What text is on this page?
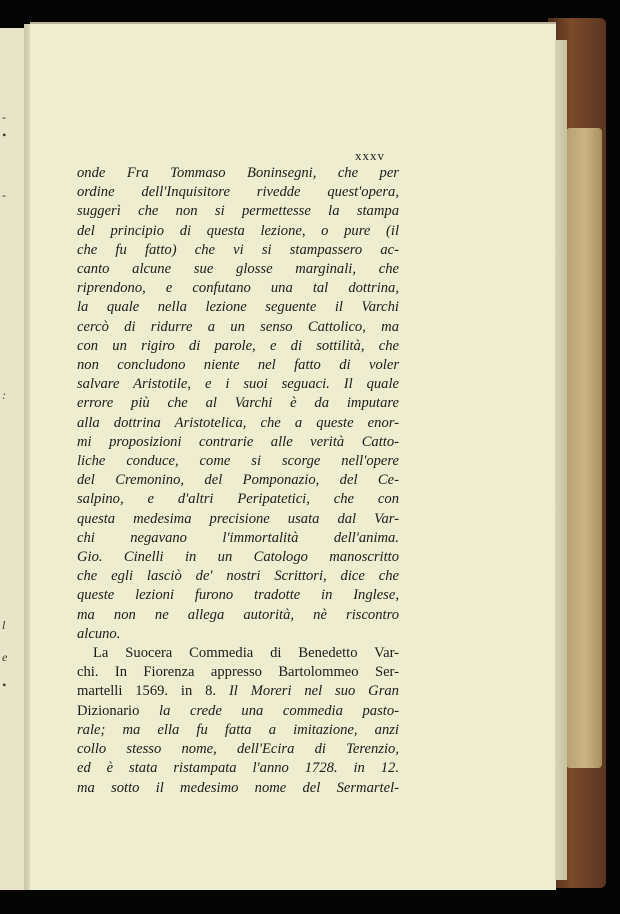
-
•
-
:
l
e
•
xxxv
onde Fra Tommaso Boninsegni, che per
ordine dell'Inquisitore rivedde quest'opera,
suggerì che non si permettesse la stampa
del principio di questa lezione, o pure (il
che fu fatto) che vi si stampassero ac-
canto alcune sue glosse marginali, che
riprendono, e confutano una tal dottrina,
la quale nella lezione seguente il Varchi
cercò di ridurre a un senso Cattolico, ma
con un rigiro di parole, e di sottilità, che
non concludono niente nel fatto di voler
salvare Aristotile, e i suoi seguaci. Il quale
errore più che al Varchi è da imputare
alla dottrina Aristotelica, che a queste enor-
mi proposizioni contrarie alle verità Catto-
liche conduce, come si scorge nell'opere
del Cremonino, del Pomponazio, del Ce-
salpino, e d'altri Peripatetici, che con
questa medesima precisione usata dal Var-
chi negavano l'immortalità dell'anima.
Gio. Cinelli in un Catologo manoscritto
che egli lasciò de' nostri Scrittori, dice che
queste lezioni furono tradotte in Inglese,
ma non ne allega autorità, nè riscontro
alcuno.
La Suocera Commedia di Benedetto Var-
chi. In Fiorenza appresso Bartolommeo Ser-
martelli 1569. in 8. Il Moreri nel suo Gran
Dizionario la crede una commedia pasto-
rale; ma ella fu fatta a imitazione, anzi
collo stesso nome, dell'Ecira di Terenzio,
ed è stata ristampata l'anno 1728. in 12.
ma sotto il medesimo nome del Sermartel-
